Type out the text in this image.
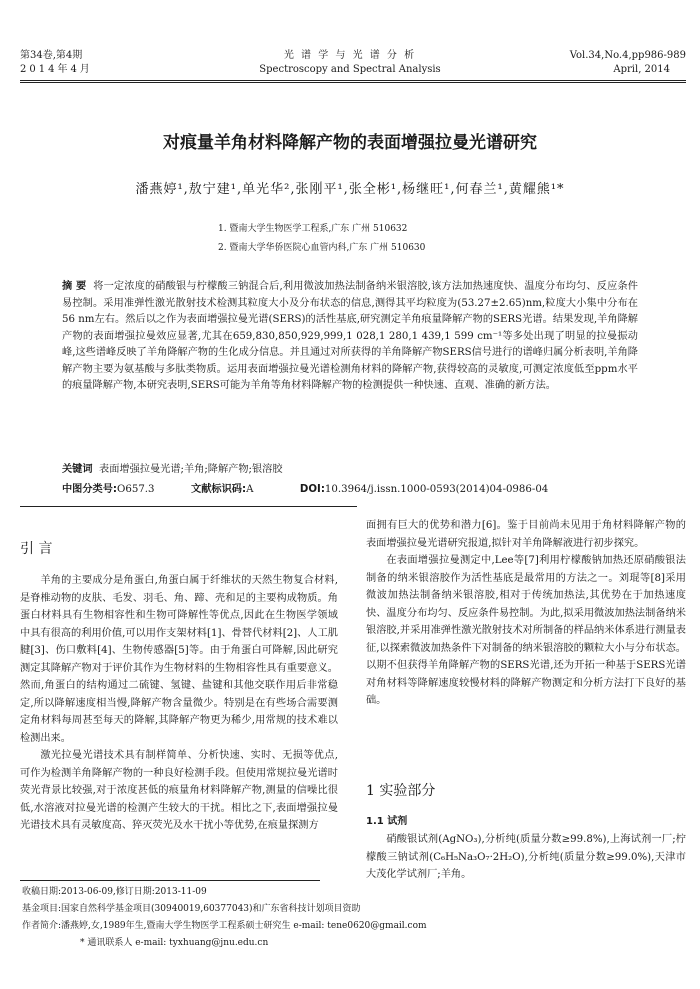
第34卷,第4期
2014年4月
光 谱 学 与 光 谱 分 析
Spectroscopy and Spectral Analysis
Vol.34,No.4,pp986-989
April, 2014
对痕量羊角材料降解产物的表面增强拉曼光谱研究
潘燕婷¹,敖宁建¹,单光华²,张刚平¹,张全彬¹,杨继旺¹,何春兰¹,黄耀熊¹*
1. 暨南大学生物医学工程系,广东 广州 510632
2. 暨南大学华侨医院心血管内科,广东 广州 510630
摘 要 将一定浓度的硝酸银与柠檬酸三钠混合后,利用微波加热法制备纳米银溶胶,该方法加热速度快、温度分布均匀、反应条件易控制。采用准弹性激光散射技术检测其粒度大小及分布状态的信息,测得其平均粒度为(53.27±2.65)nm,粒度大小集中分布在56 nm左右。然后以之作为表面增强拉曼光谱(SERS)的活性基底,研究测定羊角痕量降解产物的SERS光谱。结果发现,羊角降解产物的表面增强拉曼效应显著,尤其在659,830,850,929,999,1 028,1 280,1 439,1 599 cm⁻¹等多处出现了明显的拉曼振动峰,这些谱峰反映了羊角降解产物的生化成分信息。并且通过对所获得的羊角降解产物SERS信号进行的谱峰归属分析表明,羊角降解产物主要为氨基酸与多肽类物质。运用表面增强拉曼光谱检测角材料的降解产物,获得较高的灵敏度,可测定浓度低至ppm水平的痕量降解产物,本研究表明,SERS可能为羊角等角材料降解产物的检测提供一种快速、直观、准确的新方法。
关键词 表面增强拉曼光谱;羊角;降解产物;银溶胶
中图分类号:O657.3	文献标识码:A	DOI:10.3964/j.issn.1000-0593(2014)04-0986-04
引 言

羊角的主要成分是角蛋白,角蛋白属于纤维状的天然生物复合材料,是脊椎动物的皮肤、毛发、羽毛、角、蹄、壳和足的主要构成物质。角蛋白材料具有生物相容性和生物可降解性等优点,因此在生物医学领域中具有很高的利用价值,可以用作支架材料[1]、骨替代材料[2]、人工肌腱[3]、伤口敷料[4]、生物传感器[5]等。由于角蛋白可降解,因此研究测定其降解产物对于评价其作为生物材料的生物相容性具有重要意义。然而,角蛋白的结构通过二硫键、氢键、盐键和其他交联作用后非常稳定,所以降解速度相当慢,降解产物含量微少。特别是在有些场合需要测定角材料每周甚至每天的降解,其降解产物更为稀少,用常规的技术难以检测出来。

激光拉曼光谱技术具有制样简单、分析快速、实时、无损等优点,可作为检测羊角降解产物的一种良好检测手段。但使用常规拉曼光谱时荧光背景比较强,对于浓度甚低的痕量角材料降解产物,测量的信噪比很低,水溶液对拉曼光谱的检测产生较大的干扰。相比之下,表面增强拉曼光谱技术具有灵敏度高、猝灭荧光及水干扰小等优势,在痕量探测方

面拥有巨大的优势和潜力[6]。鉴于目前尚未见用于角材料降解产物的表面增强拉曼光谱研究报道,拟针对羊角降解液进行初步探究。

在表面增强拉曼测定中,Lee等[7]利用柠檬酸钠加热还原硝酸银法制备的纳米银溶胶作为活性基底是最常用的方法之一。刘琨等[8]采用微波加热法制备纳米银溶胶,相对于传统加热法,其优势在于加热速度快、温度分布均匀、反应条件易控制。为此,拟采用微波加热法制备纳米银溶胶,并采用准弹性激光散射技术对所制备的样品纳米体系进行测量表征,以探索微波加热条件下对制备的纳米银溶胶的颗粒大小与分布状态。以期不但获得羊角降解产物的SERS光谱,还为开拓一种基于SERS光谱对角材料等降解速度较慢材料的降解产物测定和分析方法打下良好的基础。

1 实验部分
1.1 试剂

硝酸银试剂(AgNO₃),分析纯(质量分数≥99.8%),上海试剂一厂;柠檬酸三钠试剂(C₆H₅Na₃O₇·2H₂O),分析纯(质量分数≥99.0%),天津市大茂化学试剂厂;羊角。

收稿日期:2013-06-09,修订日期:2013-11-09
基金项目:国家自然科学基金项目(30940019,60377043)和广东省科技计划项目资助
作者简介:潘燕婷,女,1989年生,暨南大学生物医学工程系硕士研究生 e-mail: tene0620@gmail.com
* 通讯联系人 e-mail: tyxhuang@jnu.edu.cn
